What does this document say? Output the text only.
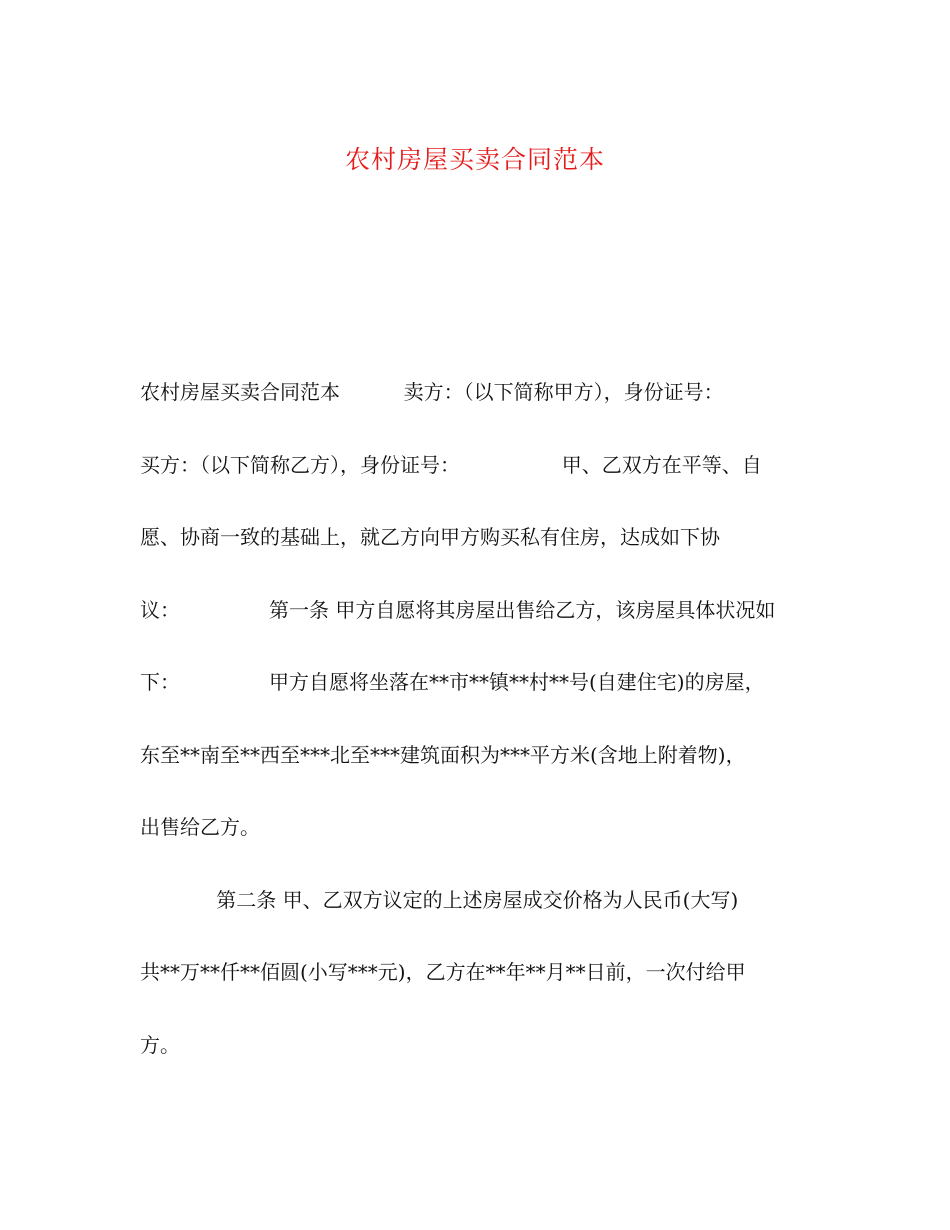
农村房屋买卖合同范本
农村房屋买卖合同范本          卖方：（以下简称甲方），身份证号：
买方：（以下简称乙方），身份证号：                甲、乙双方在平等、自
愿、协商一致的基础上，就乙方向甲方购买私有住房，达成如下协
议：              第一条 甲方自愿将其房屋出售给乙方，该房屋具体状况如
下：              甲方自愿将坐落在**市**镇**村**号(自建住宅)的房屋，
东至**南至**西至***北至***建筑面积为***平方米(含地上附着物)，
出售给乙方。
第二条 甲、乙双方议定的上述房屋成交价格为人民币(大写)
共**万**仟**佰圆(小写***元)，乙方在**年**月**日前，一次付给甲
方。
